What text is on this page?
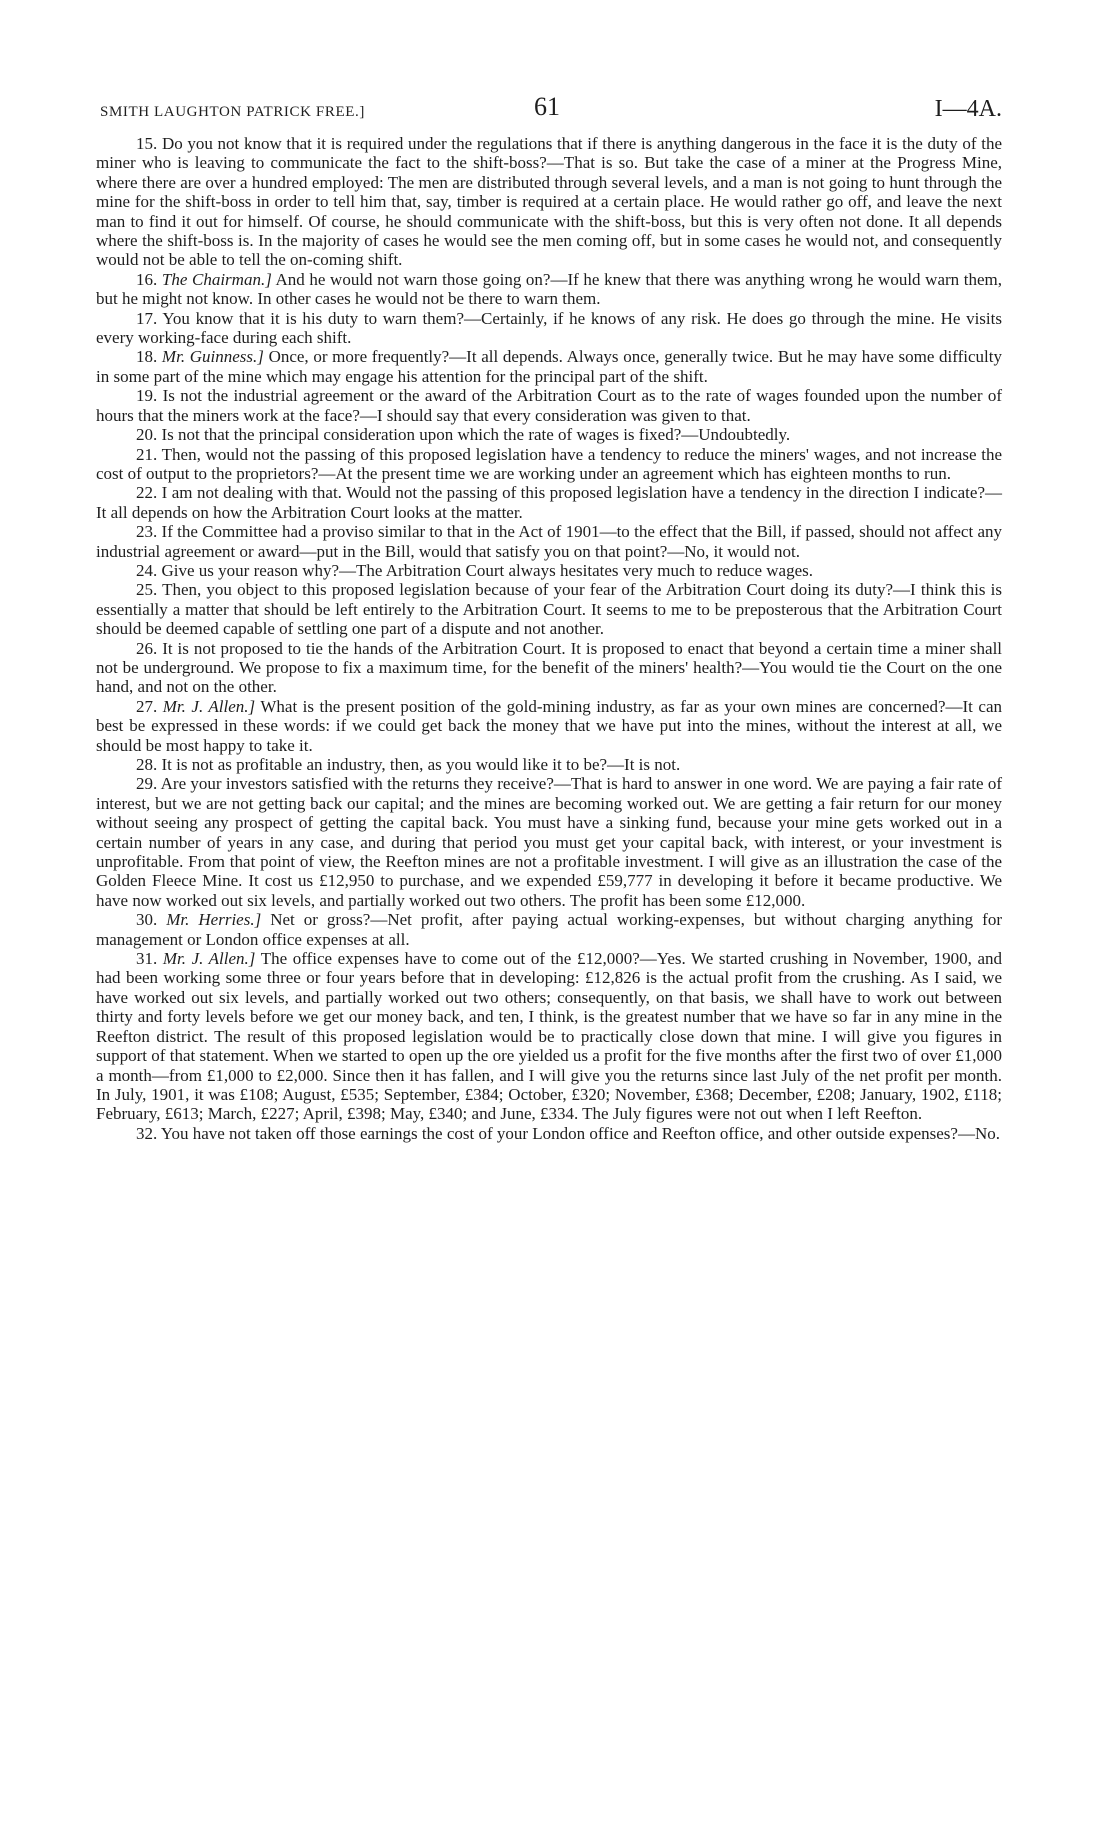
SMITH LAUGHTON PATRICK FREE.]	61	I—4A.

15. Do you not know that it is required under the regulations that if there is anything dangerous in the face it is the duty of the miner who is leaving to communicate the fact to the shift-boss?—That is so. But take the case of a miner at the Progress Mine, where there are over a hundred employed: The men are distributed through several levels, and a man is not going to hunt through the mine for the shift-boss in order to tell him that, say, timber is required at a certain place. He would rather go off, and leave the next man to find it out for himself. Of course, he should communicate with the shift-boss, but this is very often not done. It all depends where the shift-boss is. In the majority of cases he would see the men coming off, but in some cases he would not, and consequently would not be able to tell the on-coming shift.

16. The Chairman.] And he would not warn those going on?—If he knew that there was anything wrong he would warn them, but he might not know. In other cases he would not be there to warn them.

17. You know that it is his duty to warn them?—Certainly, if he knows of any risk. He does go through the mine. He visits every working-face during each shift.

18. Mr. Guinness.] Once, or more frequently?—It all depends. Always once, generally twice. But he may have some difficulty in some part of the mine which may engage his attention for the principal part of the shift.

19. Is not the industrial agreement or the award of the Arbitration Court as to the rate of wages founded upon the number of hours that the miners work at the face?—I should say that every consideration was given to that.

20. Is not that the principal consideration upon which the rate of wages is fixed?—Undoubtedly.

21. Then, would not the passing of this proposed legislation have a tendency to reduce the miners' wages, and not increase the cost of output to the proprietors?—At the present time we are working under an agreement which has eighteen months to run.

22. I am not dealing with that. Would not the passing of this proposed legislation have a tendency in the direction I indicate?—It all depends on how the Arbitration Court looks at the matter.

23. If the Committee had a proviso similar to that in the Act of 1901—to the effect that the Bill, if passed, should not affect any industrial agreement or award—put in the Bill, would that satisfy you on that point?—No, it would not.

24. Give us your reason why?—The Arbitration Court always hesitates very much to reduce wages.

25. Then, you object to this proposed legislation because of your fear of the Arbitration Court doing its duty?—I think this is essentially a matter that should be left entirely to the Arbitration Court. It seems to me to be preposterous that the Arbitration Court should be deemed capable of settling one part of a dispute and not another.

26. It is not proposed to tie the hands of the Arbitration Court. It is proposed to enact that beyond a certain time a miner shall not be underground. We propose to fix a maximum time, for the benefit of the miners' health?—You would tie the Court on the one hand, and not on the other.

27. Mr. J. Allen.] What is the present position of the gold-mining industry, as far as your own mines are concerned?—It can best be expressed in these words: if we could get back the money that we have put into the mines, without the interest at all, we should be most happy to take it.

28. It is not as profitable an industry, then, as you would like it to be?—It is not.

29. Are your investors satisfied with the returns they receive?—That is hard to answer in one word. We are paying a fair rate of interest, but we are not getting back our capital; and the mines are becoming worked out. We are getting a fair return for our money without seeing any prospect of getting the capital back. You must have a sinking fund, because your mine gets worked out in a certain number of years in any case, and during that period you must get your capital back, with interest, or your investment is unprofitable. From that point of view, the Reefton mines are not a profitable investment. I will give as an illustration the case of the Golden Fleece Mine. It cost us £12,950 to purchase, and we expended £59,777 in developing it before it became productive. We have now worked out six levels, and partially worked out two others. The profit has been some £12,000.

30. Mr. Herries.] Net or gross?—Net profit, after paying actual working-expenses, but without charging anything for management or London office expenses at all.

31. Mr. J. Allen.] The office expenses have to come out of the £12,000?—Yes. We started crushing in November, 1900, and had been working some three or four years before that in developing: £12,826 is the actual profit from the crushing. As I said, we have worked out six levels, and partially worked out two others; consequently, on that basis, we shall have to work out between thirty and forty levels before we get our money back, and ten, I think, is the greatest number that we have so far in any mine in the Reefton district. The result of this proposed legislation would be to practically close down that mine. I will give you figures in support of that statement. When we started to open up the ore yielded us a profit for the five months after the first two of over £1,000 a month—from £1,000 to £2,000. Since then it has fallen, and I will give you the returns since last July of the net profit per month. In July, 1901, it was £108; August, £535; September, £384; October, £320; November, £368; December, £208; January, 1902, £118; February, £613; March, £227; April, £398; May, £340; and June, £334. The July figures were not out when I left Reefton.

32. You have not taken off those earnings the cost of your London office and Reefton office, and other outside expenses?—No.
